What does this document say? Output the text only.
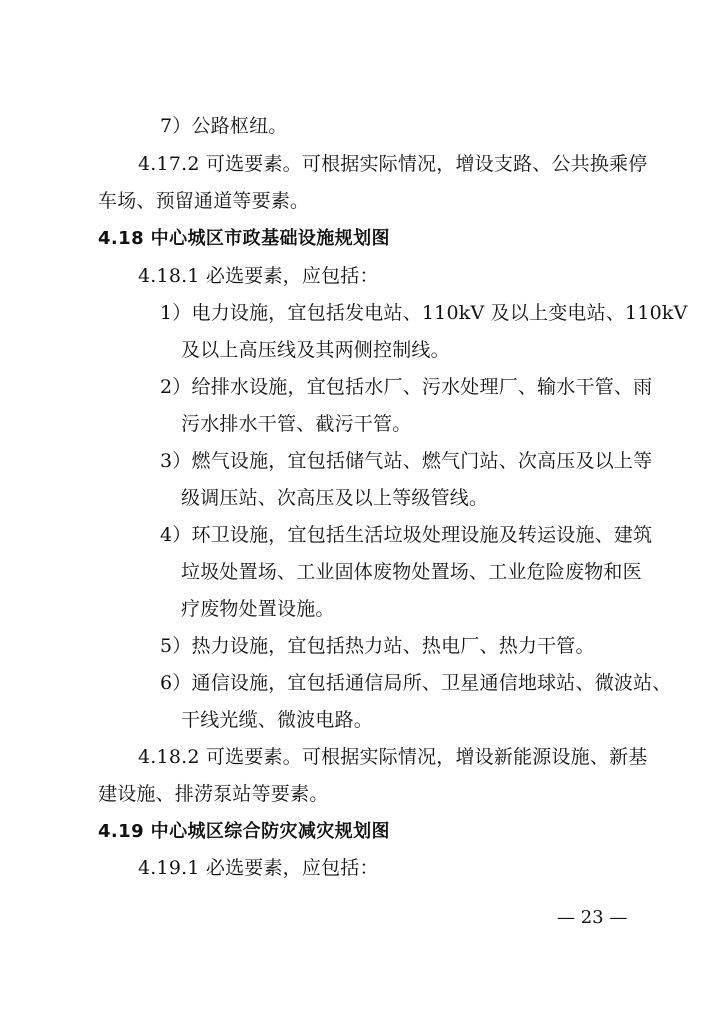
7）公路枢纽。
4.17.2 可选要素。可根据实际情况，增设支路、公共换乘停
车场、预留通道等要素。
4.18 中心城区市政基础设施规划图
4.18.1 必选要素，应包括：
1）电力设施，宜包括发电站、110kV 及以上变电站、110kV
及以上高压线及其两侧控制线。
2）给排水设施，宜包括水厂、污水处理厂、输水干管、雨
污水排水干管、截污干管。
3）燃气设施，宜包括储气站、燃气门站、次高压及以上等
级调压站、次高压及以上等级管线。
4）环卫设施，宜包括生活垃圾处理设施及转运设施、建筑
垃圾处置场、工业固体废物处置场、工业危险废物和医
疗废物处置设施。
5）热力设施，宜包括热力站、热电厂、热力干管。
6）通信设施，宜包括通信局所、卫星通信地球站、微波站、
干线光缆、微波电路。
4.18.2 可选要素。可根据实际情况，增设新能源设施、新基
建设施、排涝泵站等要素。
4.19 中心城区综合防灾减灾规划图
4.19.1 必选要素，应包括：
— 23 —
